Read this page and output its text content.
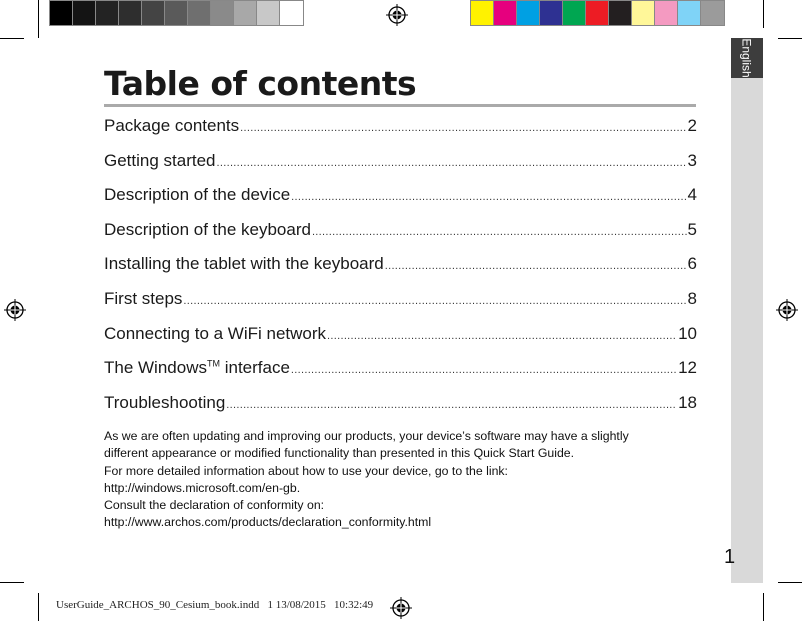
English
Table of contents
Package contents .....	2
Getting started .....	3
Description of the device .....	4
Description of the keyboard .....	5
Installing the tablet with the keyboard .....	6
First steps .....	8
Connecting to a WiFi network .....	10
The Windows™ interface .....	12
Troubleshooting .....	18

As we are often updating and improving our products, your device’s software may have a slightly

different appearance or modified functionality than presented in this Quick Start Guide.

For more detailed information about how to use your device, go to the link:

http://windows.microsoft.com/en-gb.

Consult the declaration of conformity on:

http://www.archos.com/products/declaration_conformity.html

1
UserGuide_ARCHOS_90_Cesium_book.indd   1 13/08/2015   10:32:49
